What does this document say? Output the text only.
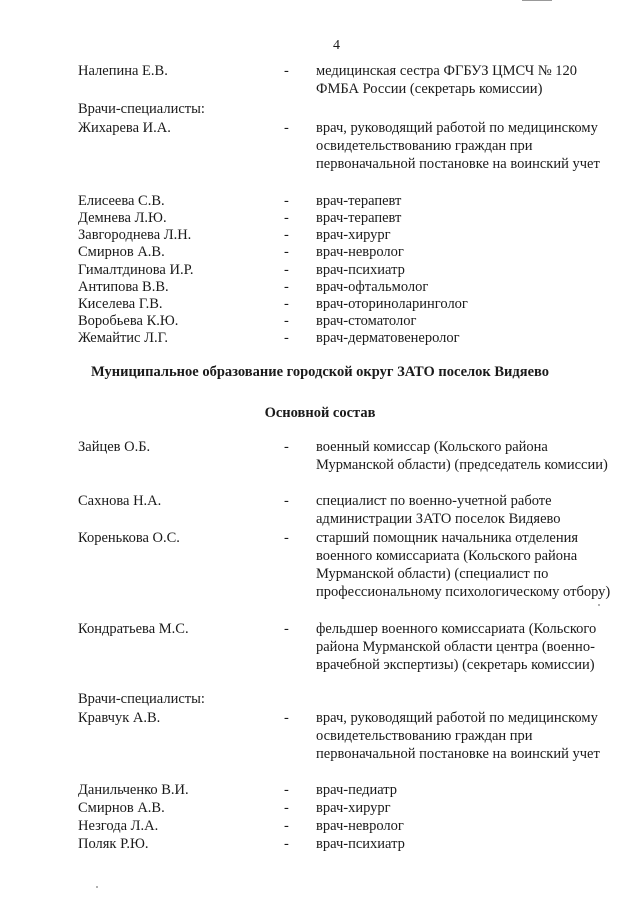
4
Налепина Е.В.	- медицинская сестра ФГБУЗ ЦМСЧ № 120 ФМБА России (секретарь комиссии)
Врачи-специалисты:
Жихарева И.А.	- врач, руководящий работой по медицинскому освидетельствованию граждан при первоначальной постановке на воинский учет
Елисеева С.В.	- врач-терапевт
Демнева Л.Ю.	- врач-терапевт
Завгороднева Л.Н.	- врач-хирург
Смирнов А.В.	- врач-невролог
Гималтдинова И.Р.	- врач-психиатр
Антипова В.В.	- врач-офтальмолог
Киселева Г.В.	- врач-оториноларинголог
Воробьева К.Ю.	- врач-стоматолог
Жемайтис Л.Г.	- врач-дерматовенеролог
Муниципальное образование городской округ ЗАТО поселок Видяево
Основной состав
Зайцев О.Б.	- военный комиссар (Кольского района Мурманской области) (председатель комиссии)
Сахнова Н.А.	- специалист по военно-учетной работе администрации ЗАТО поселок Видяево
Коренькова О.С.	- старший помощник начальника отделения военного комиссариата (Кольского района Мурманской области) (специалист по профессиональному психологическому отбору)
Кондратьева М.С.	- фельдшер военного комиссариата (Кольского района Мурманской области центра (военно-врачебной экспертизы) (секретарь комиссии)
Врачи-специалисты:
Кравчук А.В.	- врач, руководящий работой по медицинскому освидетельствованию граждан при первоначальной постановке на воинский учет
Данильченко В.И.	- врач-педиатр
Смирнов А.В.	- врач-хирург
Незгода Л.А.	- врач-невролог
Поляк Р.Ю.	- врач-психиатр
